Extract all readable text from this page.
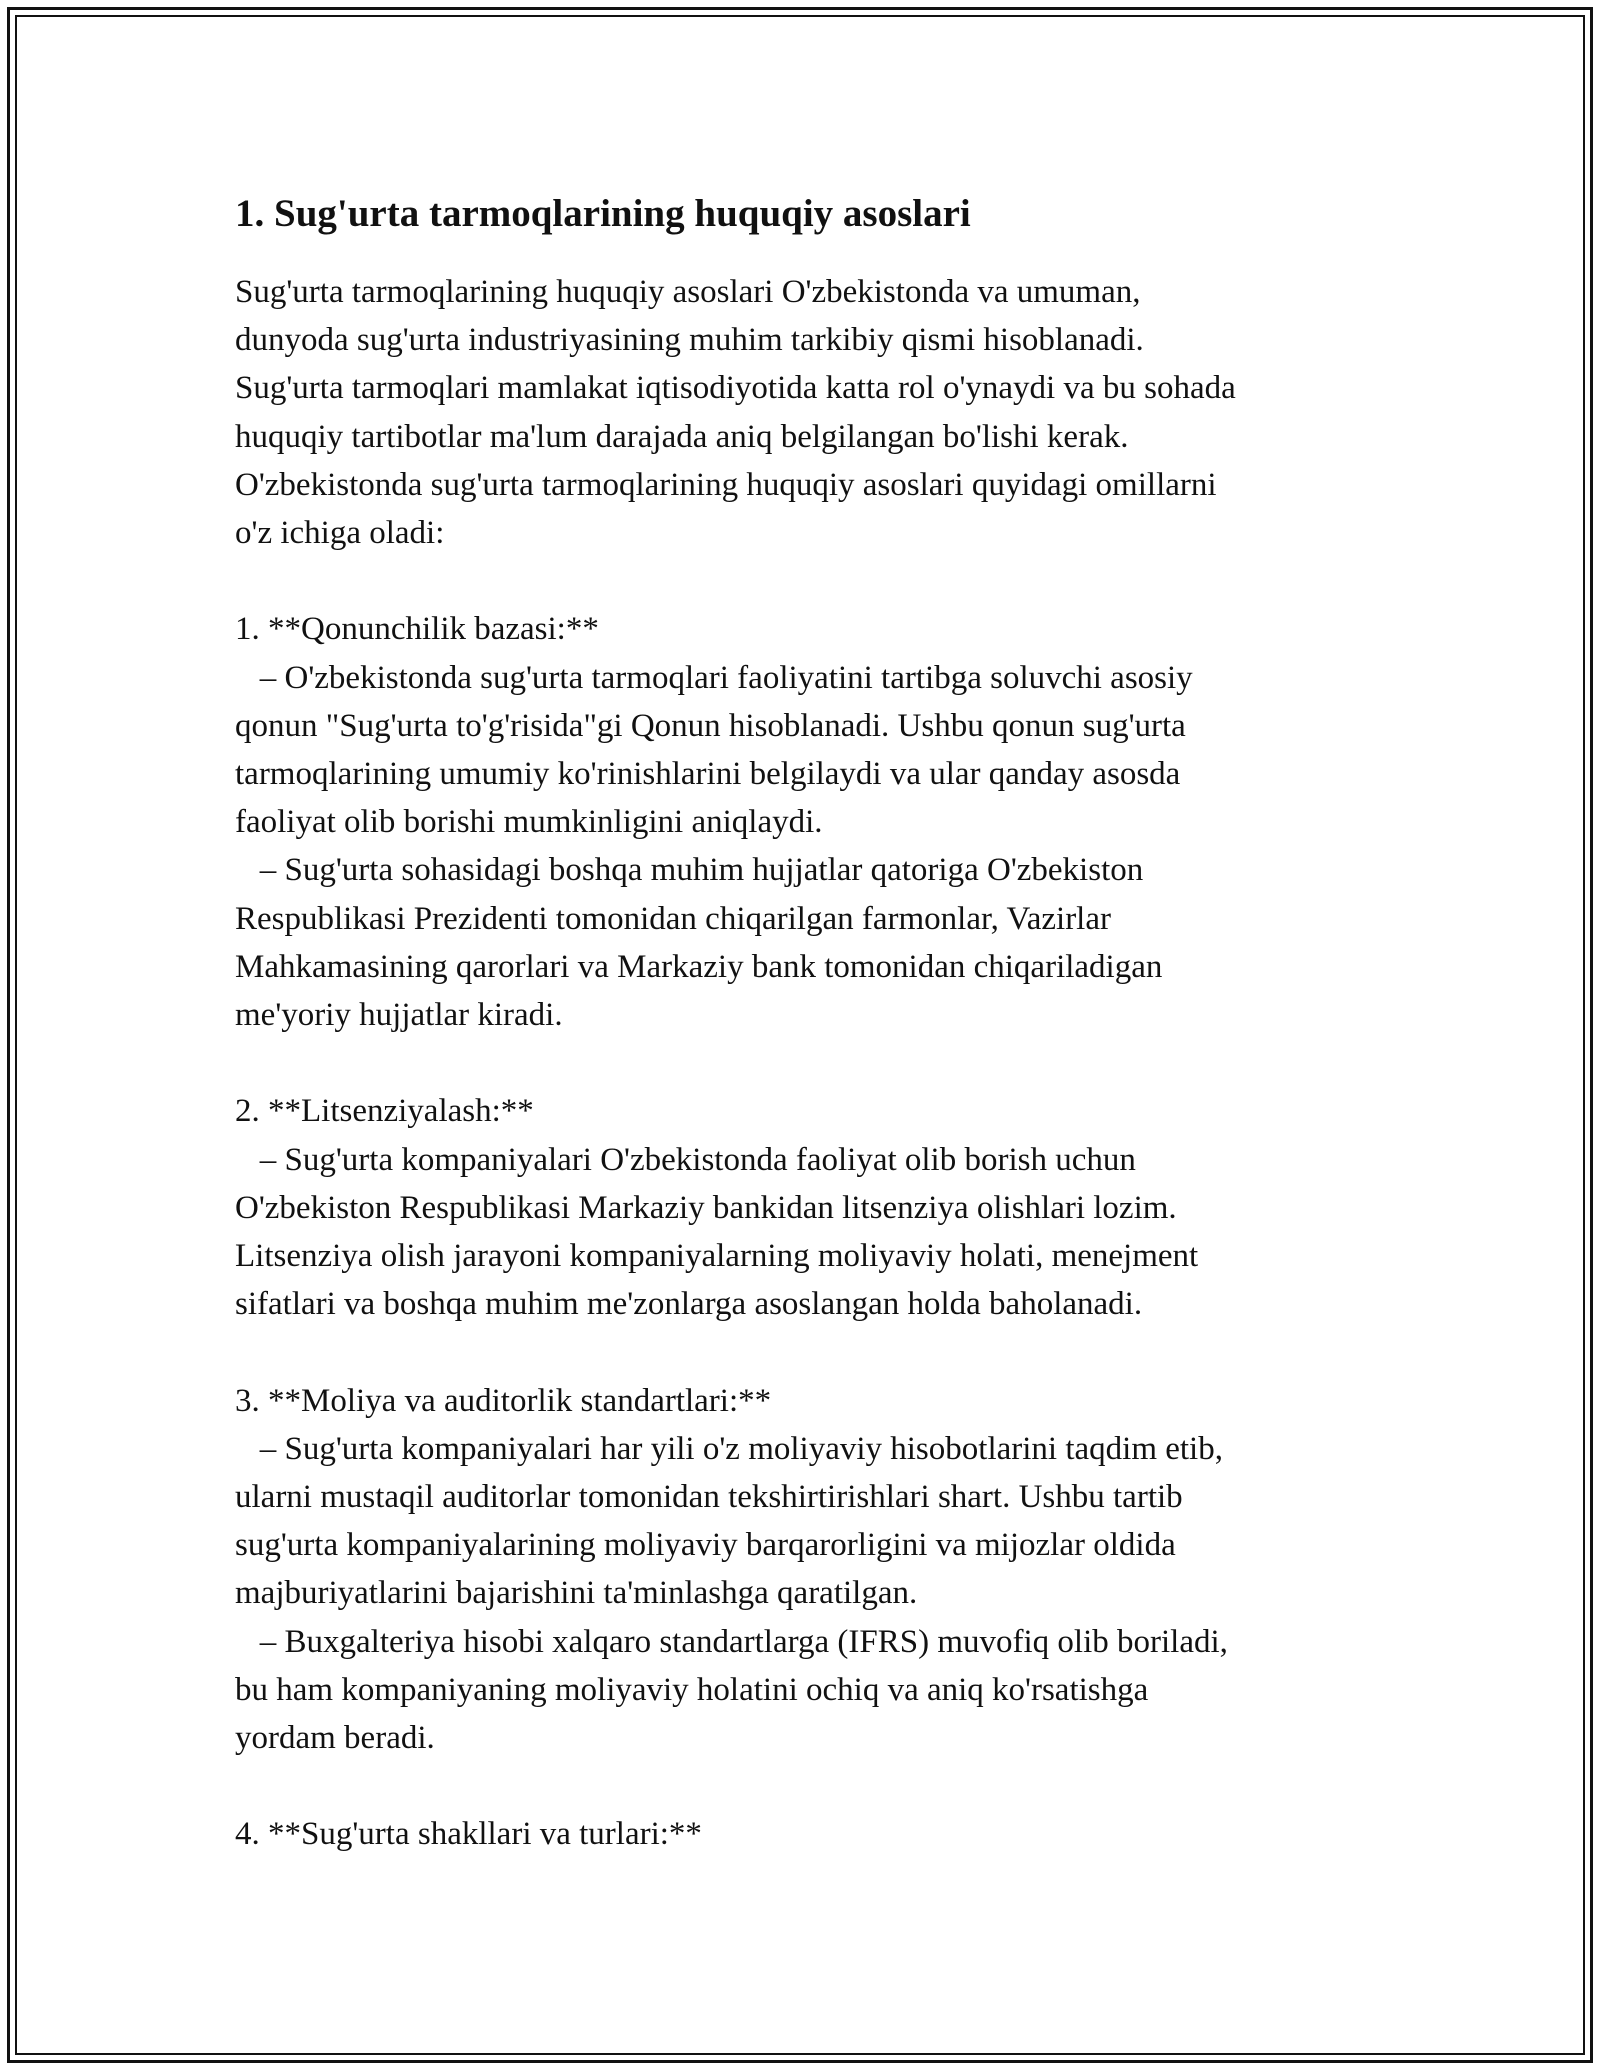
1. Sug'urta tarmoqlarining huquqiy asoslari

Sug'urta tarmoqlarining huquqiy asoslari O'zbekistonda va umuman,
dunyoda sug'urta industriyasining muhim tarkibiy qismi hisoblanadi.
Sug'urta tarmoqlari mamlakat iqtisodiyotida katta rol o'ynaydi va bu sohada
huquqiy tartibotlar ma'lum darajada aniq belgilangan bo'lishi kerak.
O'zbekistonda sug'urta tarmoqlarining huquqiy asoslari quyidagi omillarni
o'z ichiga oladi:

1. **Qonunchilik bazasi:**

– O'zbekistonda sug'urta tarmoqlari faoliyatini tartibga soluvchi asosiy
qonun "Sug'urta to'g'risida"gi Qonun hisoblanadi. Ushbu qonun sug'urta
tarmoqlarining umumiy ko'rinishlarini belgilaydi va ular qanday asosda
faoliyat olib borishi mumkinligini aniqlaydi.
– Sug'urta sohasidagi boshqa muhim hujjatlar qatoriga O'zbekiston
Respublikasi Prezidenti tomonidan chiqarilgan farmonlar, Vazirlar
Mahkamasining qarorlari va Markaziy bank tomonidan chiqariladigan
me'yoriy hujjatlar kiradi.

2. **Litsenziyalash:**

– Sug'urta kompaniyalari O'zbekistonda faoliyat olib borish uchun
O'zbekiston Respublikasi Markaziy bankidan litsenziya olishlari lozim.
Litsenziya olish jarayoni kompaniyalarning moliyaviy holati, menejment
sifatlari va boshqa muhim me'zonlarga asoslangan holda baholanadi.

3. **Moliya va auditorlik standartlari:**

– Sug'urta kompaniyalari har yili o'z moliyaviy hisobotlarini taqdim etib,
ularni mustaqil auditorlar tomonidan tekshirtirishlari shart. Ushbu tartib
sug'urta kompaniyalarining moliyaviy barqarorligini va mijozlar oldida
majburiyatlarini bajarishini ta'minlashga qaratilgan.
– Buxgalteriya hisobi xalqaro standartlarga (IFRS) muvofiq olib boriladi,
bu ham kompaniyaning moliyaviy holatini ochiq va aniq ko'rsatishga
yordam beradi.

4. **Sug'urta shakllari va turlari:**
